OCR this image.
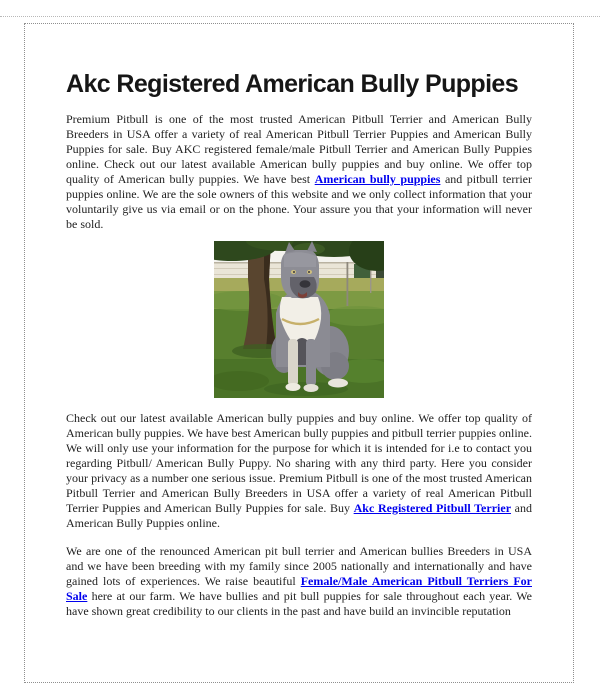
Akc Registered American Bully Puppies

Premium Pitbull is one of the most trusted American Pitbull Terrier and American Bully Breeders in USA offer a variety of real American Pitbull Terrier Puppies and American Bully Puppies for sale. Buy AKC registered female/male Pitbull Terrier and American Bully Puppies online. Check out our latest available American bully puppies and buy online. We offer top quality of American bully puppies. We have best American bully puppies and pitbull terrier puppies online. We are the sole owners of this website and we only collect information that your voluntarily give us via email or on the phone. Your assure you that your information will never be sold.

Check out our latest available American bully puppies and buy online. We offer top quality of American bully puppies. We have best American bully puppies and pitbull terrier puppies online. We will only use your information for the purpose for which it is intended for i.e to contact you regarding Pitbull/ American Bully Puppy. No sharing with any third party. Here you consider your privacy as a number one serious issue. Premium Pitbull is one of the most trusted American Pitbull Terrier and American Bully Breeders in USA offer a variety of real American Pitbull Terrier Puppies and American Bully Puppies for sale. Buy Akc Registered Pitbull Terrier and American Bully Puppies online.

We are one of the renounced American pit bull terrier and American bullies Breeders in USA and we have been breeding with my family since 2005 nationally and internationally and have gained lots of experiences. We raise beautiful Female/Male American Pitbull Terriers For Sale here at our farm. We have bullies and pit bull puppies for sale throughout each year. We have shown great credibility to our clients in the past and have build an invincible reputation
